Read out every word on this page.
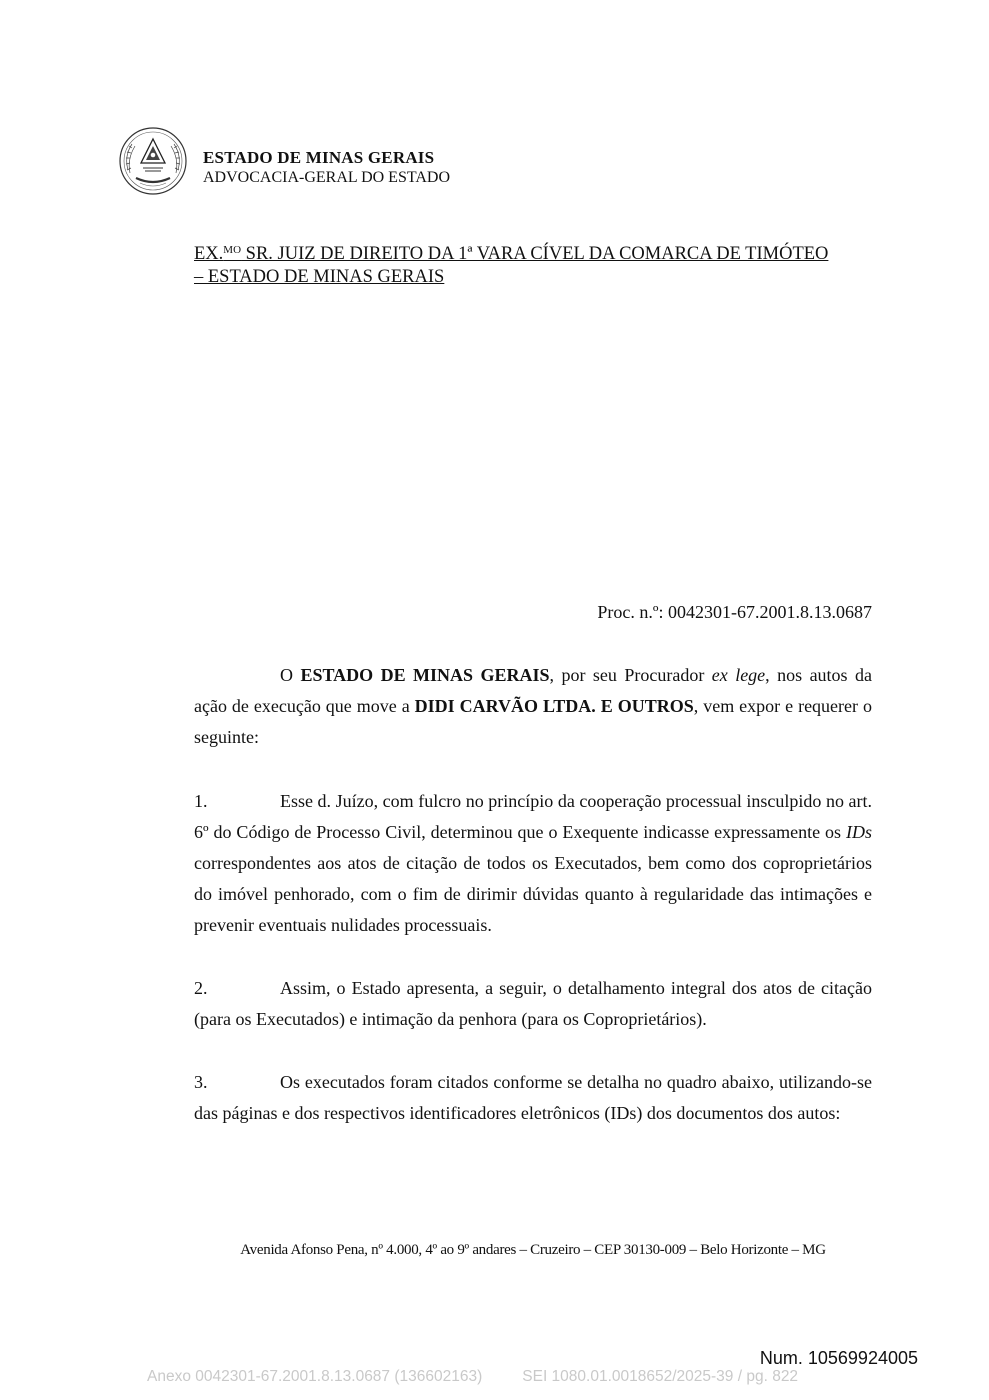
ESTADO DE MINAS GERAIS
ADVOCACIA-GERAL DO ESTADO
EX.$^{MO}$ SR. JUIZ DE DIREITO DA 1ª VARA CÍVEL DA COMARCA DE TIMÓTEO
– ESTADO DE MINAS GERAIS
Proc. n.º: 0042301-67.2001.8.13.0687
O ESTADO DE MINAS GERAIS, por seu Procurador ex lege, nos autos da ação de execução que move a DIDI CARVÃO LTDA. E OUTROS, vem expor e requerer o seguinte:
1.	Esse d. Juízo, com fulcro no princípio da cooperação processual insculpido no art. 6º do Código de Processo Civil, determinou que o Exequente indicasse expressamente os IDs correspondentes aos atos de citação de todos os Executados, bem como dos coproprietários do imóvel penhorado, com o fim de dirimir dúvidas quanto à regularidade das intimações e prevenir eventuais nulidades processuais.
2.	Assim, o Estado apresenta, a seguir, o detalhamento integral dos atos de citação (para os Executados) e intimação da penhora (para os Coproprietários).
3.	Os executados foram citados conforme se detalha no quadro abaixo, utilizando-se das páginas e dos respectivos identificadores eletrônicos (IDs) dos documentos dos autos:
Avenida Afonso Pena, nº 4.000, 4º ao 9º andares – Cruzeiro – CEP 30130-009 – Belo Horizonte – MG
Num. 10569924005
Anexo 0042301-67.2001.8.13.0687 (136602163)	SEI 1080.01.0018652/2025-39 / pg. 822
